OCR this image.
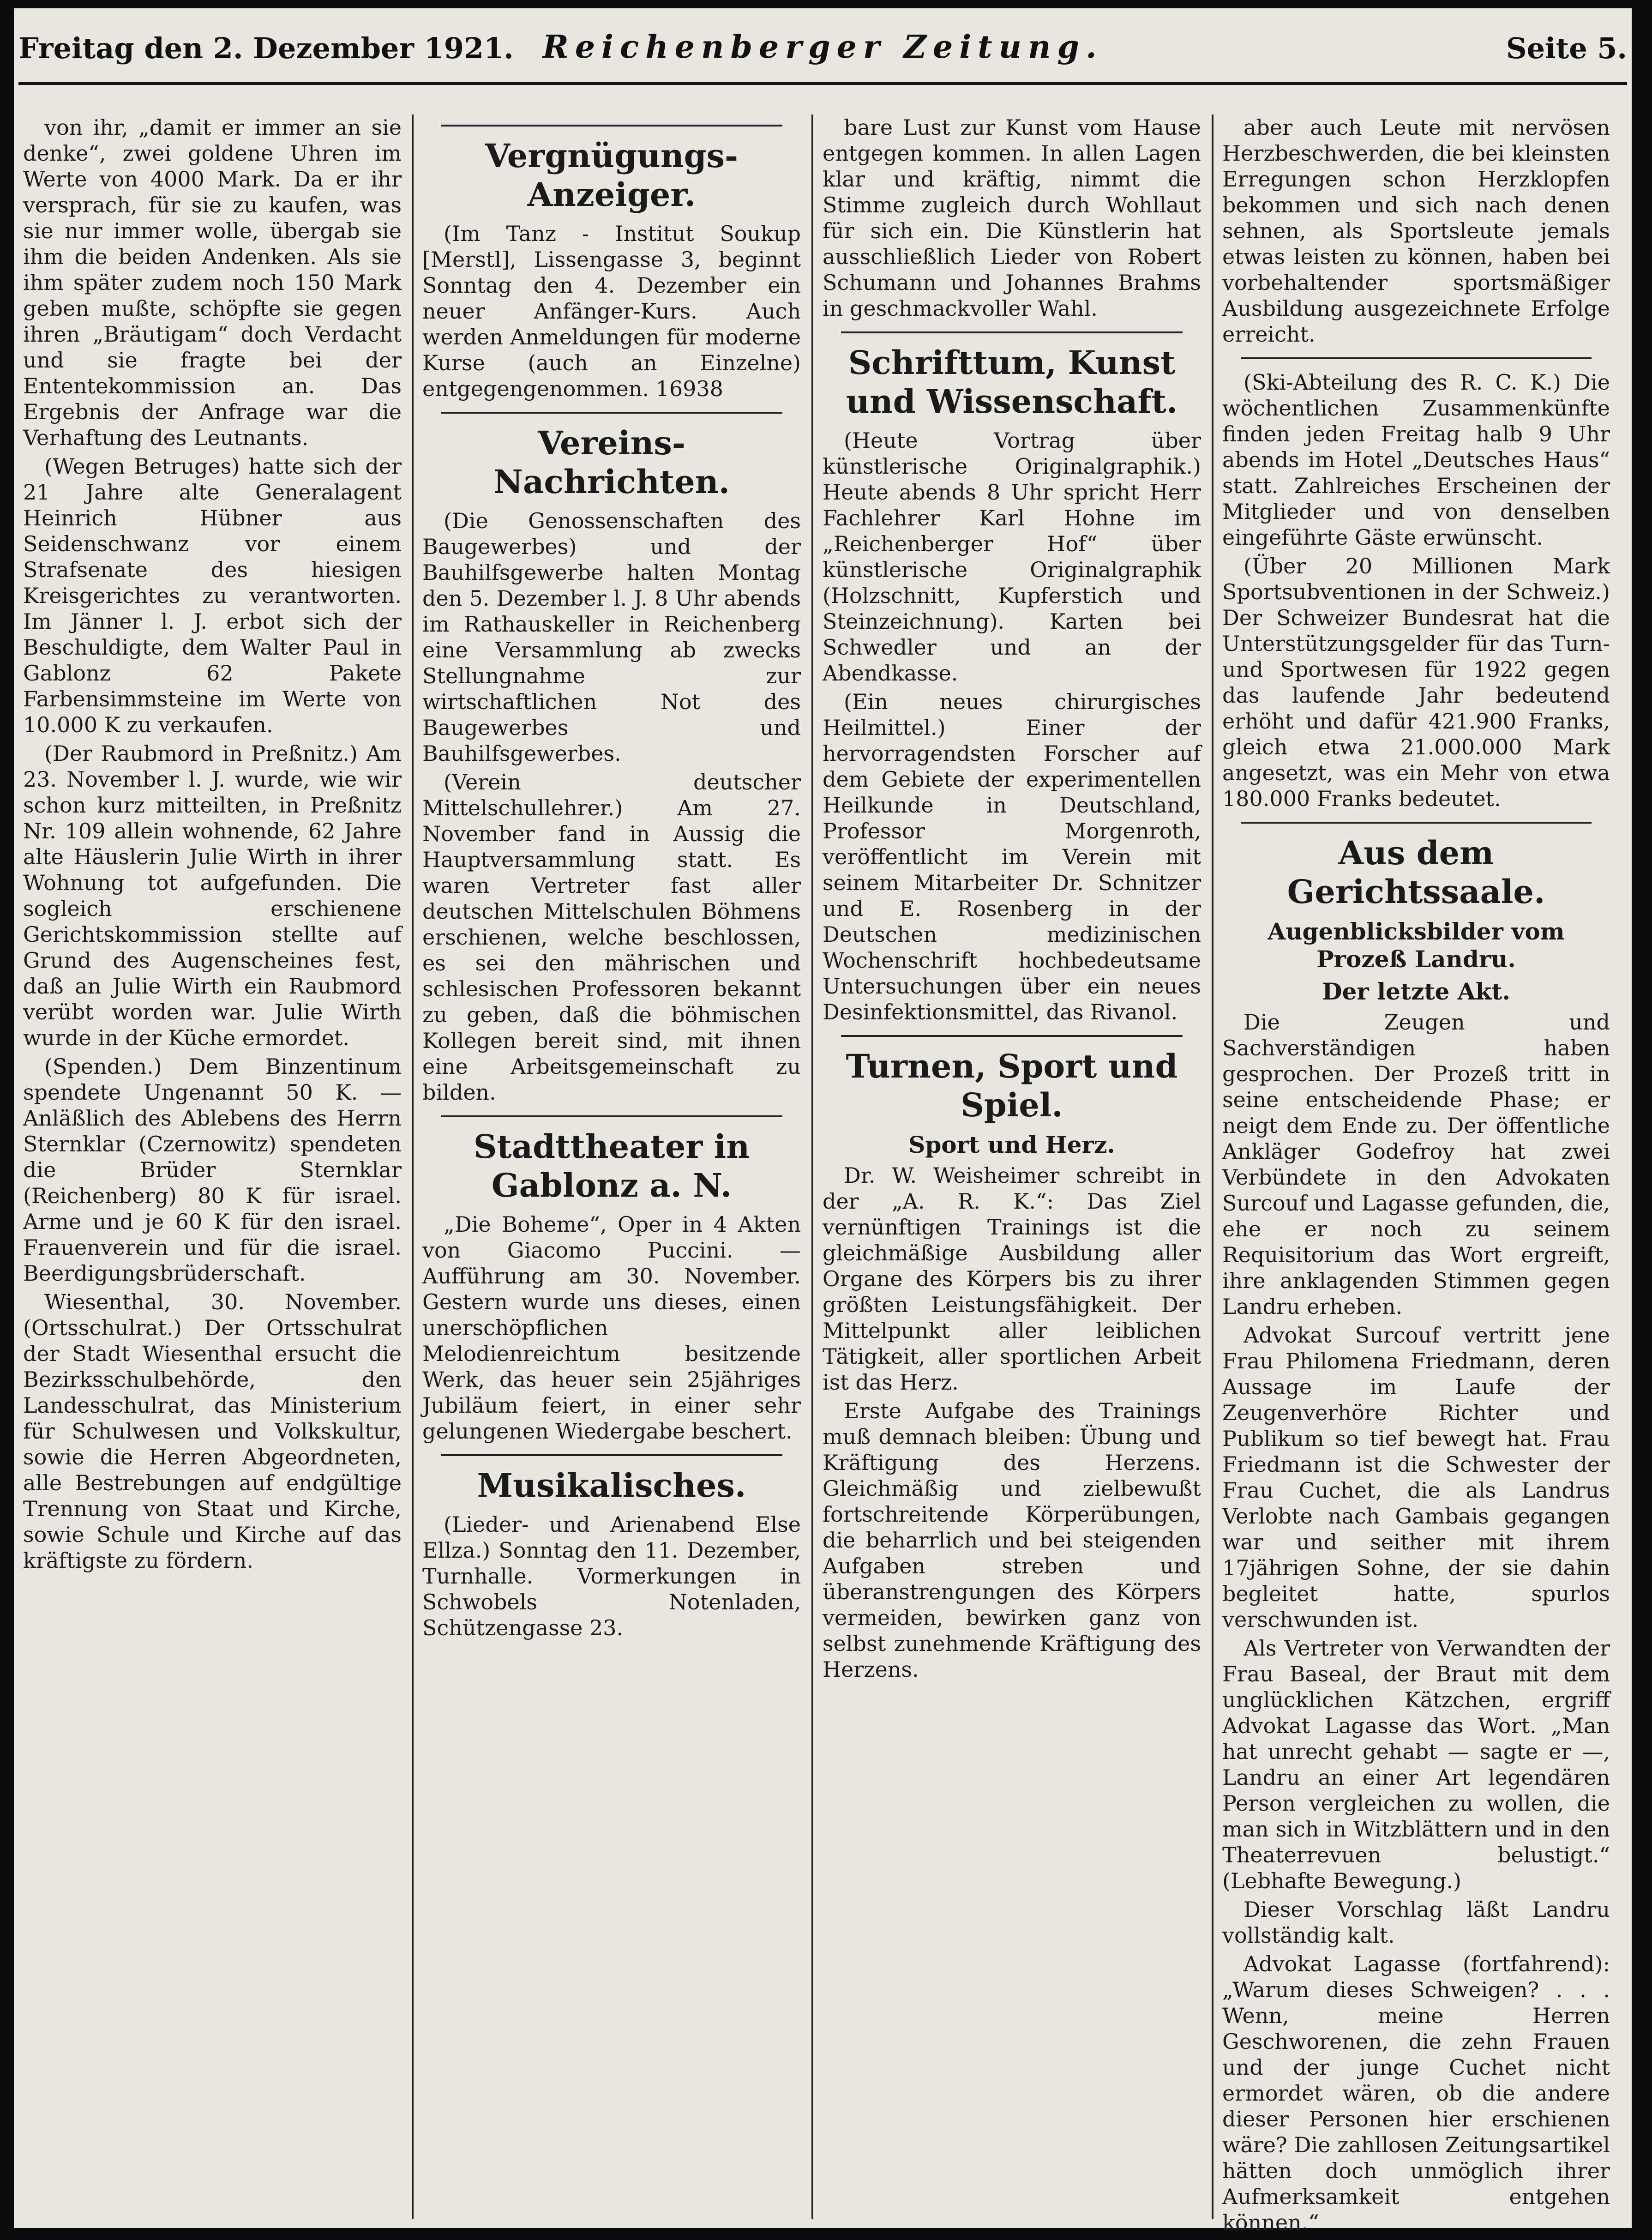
Freitag den 2. Dezember 1921. Reichenberger Zeitung.	Seite 5.

von ihr, „damit er immer an sie denke“, zwei goldene Uhren im Werte von 4000 Mark. Da er ihr versprach, für sie zu kaufen, was sie nur immer wolle, übergab sie ihm die beiden Andenken. Als sie ihm später zudem noch 150 Mark geben mußte, schöpfte sie gegen ihren „Bräutigam“ doch Verdacht und sie fragte bei der Ententekommission an. Das Ergebnis der Anfrage war die Verhaftung des Leutnants.

(Wegen Betruges) hatte sich der 21 Jahre alte Generalagent Heinrich Hübner aus Seidenschwanz vor einem Strafsenate des hiesigen Kreisgerichtes zu verantworten. Im Jänner l. J. erbot sich der Beschuldigte, dem Walter Paul in Gablonz 62 Pakete Farbensimmsteine im Werte von 10.000 K zu verkaufen.

(Der Raubmord in Preßnitz.) Am 23. November l. J. wurde, wie wir schon kurz mitteilten, in Preßnitz Nr. 109 allein wohnende, 62 Jahre alte Häuslerin Julie Wirth in ihrer Wohnung tot aufgefunden. Die sogleich erschienene Gerichtskommission stellte auf Grund des Augenscheines fest, daß an Julie Wirth ein Raubmord verübt worden war. Julie Wirth wurde in der Küche ermordet.

(Spenden.) Dem Binzentinum spendete Ungenannt 50 K. — Anläßlich des Ablebens des Herrn Sternklar (Czernowitz) spendeten die Brüder Sternklar (Reichenberg) 80 K für israel. Arme und je 60 K für den israel. Frauenverein und für die israel. Beerdigungsbrüderschaft.

Wiesenthal, 30. November. (Ortsschulrat.) Der Ortsschulrat der Stadt Wiesenthal ersucht die Bezirksschulbehörde, den Landesschulrat, das Ministerium für Schulwesen und Volkskultur, sowie die Herren Abgeordneten, alle Bestrebungen auf endgültige Trennung von Staat und Kirche, sowie Schule und Kirche auf das kräftigste zu fördern.

Vergnügungs-Anzeiger.

(Im Tanz - Institut Soukup [Merstl], Lissengasse 3, beginnt Sonntag den 4. Dezember ein neuer Anfänger-Kurs. Auch werden Anmeldungen für moderne Kurse (auch an Einzelne) entgegengenommen. 16938

Vereins-Nachrichten.

(Die Genossenschaften des Baugewerbes) und der Bauhilfsgewerbe halten Montag den 5. Dezember l. J. 8 Uhr abends im Rathauskeller in Reichenberg eine Versammlung ab zwecks Stellungnahme zur wirtschaftlichen Not des Baugewerbes und Bauhilfsgewerbes.

(Verein deutscher Mittelschullehrer.) Am 27. November fand in Aussig die Hauptversammlung statt. Es waren Vertreter fast aller deutschen Mittelschulen Böhmens erschienen, welche beschlossen, es sei den mährischen und schlesischen Professoren bekannt zu geben, daß die böhmischen Kollegen bereit sind, mit ihnen eine Arbeitsgemeinschaft zu bilden.

Stadttheater in Gablonz a. N.

„Die Boheme“, Oper in 4 Akten von Giacomo Puccini. — Aufführung am 30. November. Gestern wurde uns dieses, einen unerschöpflichen Melodienreichtum besitzende Werk, das heuer sein 25jähriges Jubiläum feiert, in einer sehr gelungenen Wiedergabe beschert.

Musikalisches.

(Lieder- und Arienabend Else Ellza.) Sonntag den 11. Dezember, Turnhalle. Vormerkungen in Schwobels Notenladen, Schützengasse 23.

bare Lust zur Kunst vom Hause entgegen kommen. In allen Lagen klar und kräftig, nimmt die Stimme zugleich durch Wohllaut für sich ein. Die Künstlerin hat ausschließlich Lieder von Robert Schumann und Johannes Brahms in geschmackvoller Wahl.

Schrifttum, Kunst und Wissenschaft.

(Heute Vortrag über künstlerische Originalgraphik.) Heute abends 8 Uhr spricht Herr Fachlehrer Karl Hohne im „Reichenberger Hof“ über künstlerische Originalgraphik (Holzschnitt, Kupferstich und Steinzeichnung). Karten bei Schwedler und an der Abendkasse.

(Ein neues chirurgisches Heilmittel.) Einer der hervorragendsten Forscher auf dem Gebiete der experimentellen Heilkunde in Deutschland, Professor Morgenroth, veröffentlicht im Verein mit seinem Mitarbeiter Dr. Schnitzer und E. Rosenberg in der Deutschen medizinischen Wochenschrift hochbedeutsame Untersuchungen über ein neues Desinfektionsmittel, das Rivanol.

Turnen, Sport und Spiel.
Sport und Herz.

Dr. W. Weisheimer schreibt in der „A. R. K.“: Das Ziel vernünftigen Trainings ist die gleichmäßige Ausbildung aller Organe des Körpers bis zu ihrer größten Leistungsfähigkeit. Der Mittelpunkt aller leiblichen Tätigkeit, aller sportlichen Arbeit ist das Herz.

Erste Aufgabe des Trainings muß demnach bleiben: Übung und Kräftigung des Herzens. Gleichmäßig und zielbewußt fortschreitende Körperübungen, die beharrlich und bei steigenden Aufgaben streben und überanstrengungen des Körpers vermeiden, bewirken ganz von selbst zunehmende Kräftigung des Herzens.

aber auch Leute mit nervösen Herzbeschwerden, die bei kleinsten Erregungen schon Herzklopfen bekommen und sich nach denen sehnen, als Sportsleute jemals etwas leisten zu können, haben bei vorbehaltender sportsmäßiger Ausbildung ausgezeichnete Erfolge erreicht.

(Ski-Abteilung des R. C. K.) Die wöchentlichen Zusammenkünfte finden jeden Freitag halb 9 Uhr abends im Hotel „Deutsches Haus“ statt. Zahlreiches Erscheinen der Mitglieder und von denselben eingeführte Gäste erwünscht.

(Über 20 Millionen Mark Sportsubventionen in der Schweiz.) Der Schweizer Bundesrat hat die Unterstützungsgelder für das Turn- und Sportwesen für 1922 gegen das laufende Jahr bedeutend erhöht und dafür 421.900 Franks, gleich etwa 21.000.000 Mark angesetzt, was ein Mehr von etwa 180.000 Franks bedeutet.

Aus dem Gerichtssaale.
Augenblicksbilder vom Prozeß Landru.
Der letzte Akt.

Die Zeugen und Sachverständigen haben gesprochen. Der Prozeß tritt in seine entscheidende Phase; er neigt dem Ende zu. Der öffentliche Ankläger Godefroy hat zwei Verbündete in den Advokaten Surcouf und Lagasse gefunden, die, ehe er noch zu seinem Requisitorium das Wort ergreift, ihre anklagenden Stimmen gegen Landru erheben.

Advokat Surcouf vertritt jene Frau Philomena Friedmann, deren Aussage im Laufe der Zeugenverhöre Richter und Publikum so tief bewegt hat. Frau Friedmann ist die Schwester der Frau Cuchet, die als Landrus Verlobte nach Gambais gegangen war und seither mit ihrem 17jährigen Sohne, der sie dahin begleitet hatte, spurlos verschwunden ist.

Als Vertreter von Verwandten der Frau Baseal, der Braut mit dem unglücklichen Kätzchen, ergriff Advokat Lagasse das Wort. „Man hat unrecht gehabt — sagte er —, Landru an einer Art legendären Person vergleichen zu wollen, die man sich in Witzblättern und in den Theaterrevuen belustigt.“ (Lebhafte Bewegung.)

Dieser Vorschlag läßt Landru vollständig kalt.

Advokat Lagasse (fortfahrend): „Warum dieses Schweigen? . . . Wenn, meine Herren Geschworenen, die zehn Frauen und der junge Cuchet nicht ermordet wären, ob die andere dieser Personen hier erschienen wäre? Die zahllosen Zeitungsartikel hätten doch unmöglich ihrer Aufmerksamkeit entgehen können.“
